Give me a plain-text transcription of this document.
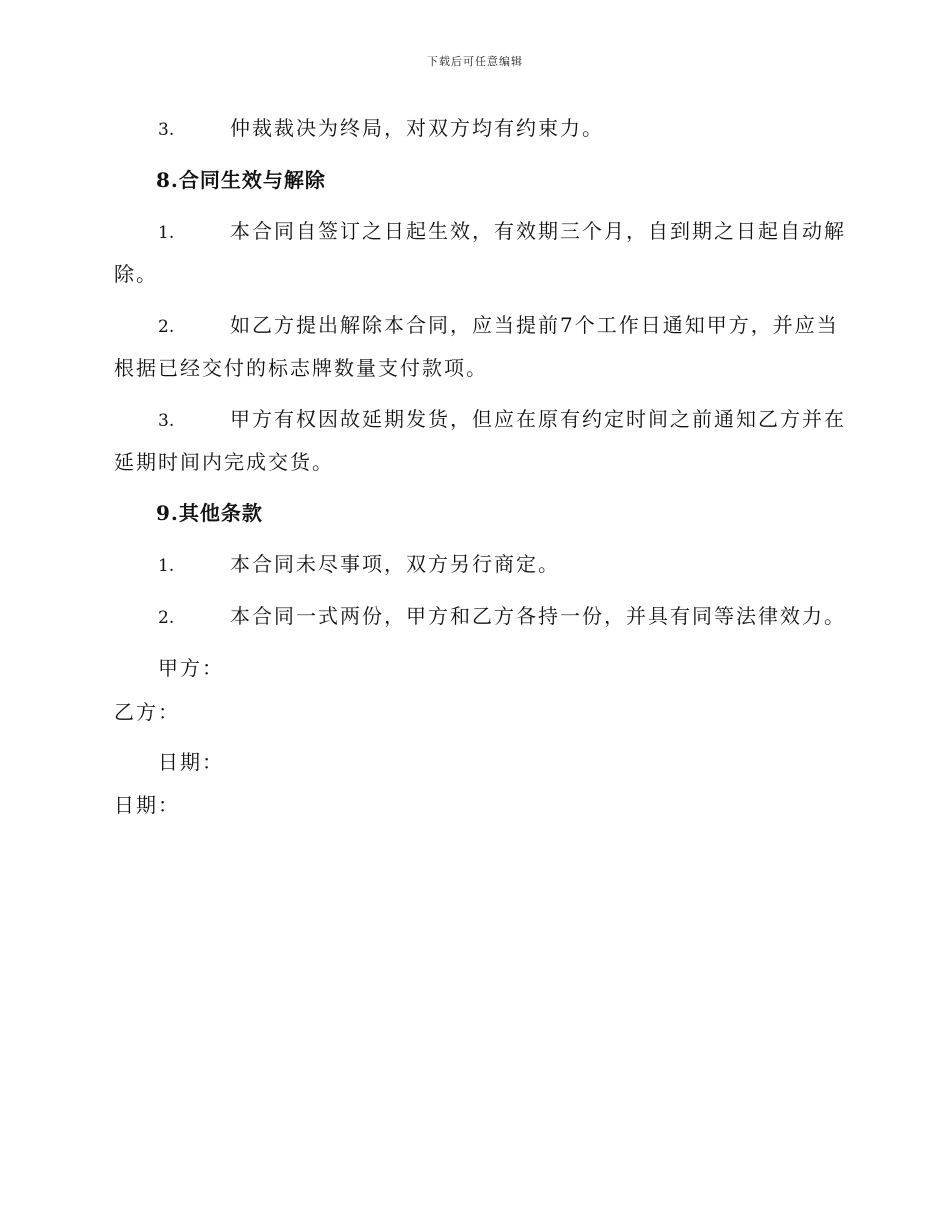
下载后可任意编辑
3.	仲裁裁决为终局，对双方均有约束力。
8.合同生效与解除
1.	本合同自签订之日起生效，有效期三个月，自到期之日起自动解
除。
2.	如乙方提出解除本合同，应当提前7个工作日通知甲方，并应当
根据已经交付的标志牌数量支付款项。
3.	甲方有权因故延期发货，但应在原有约定时间之前通知乙方并在
延期时间内完成交货。
9.其他条款
1.	本合同未尽事项，双方另行商定。
2.	本合同一式两份，甲方和乙方各持一份，并具有同等法律效力。
甲方：
乙方：
日期：
日期：
